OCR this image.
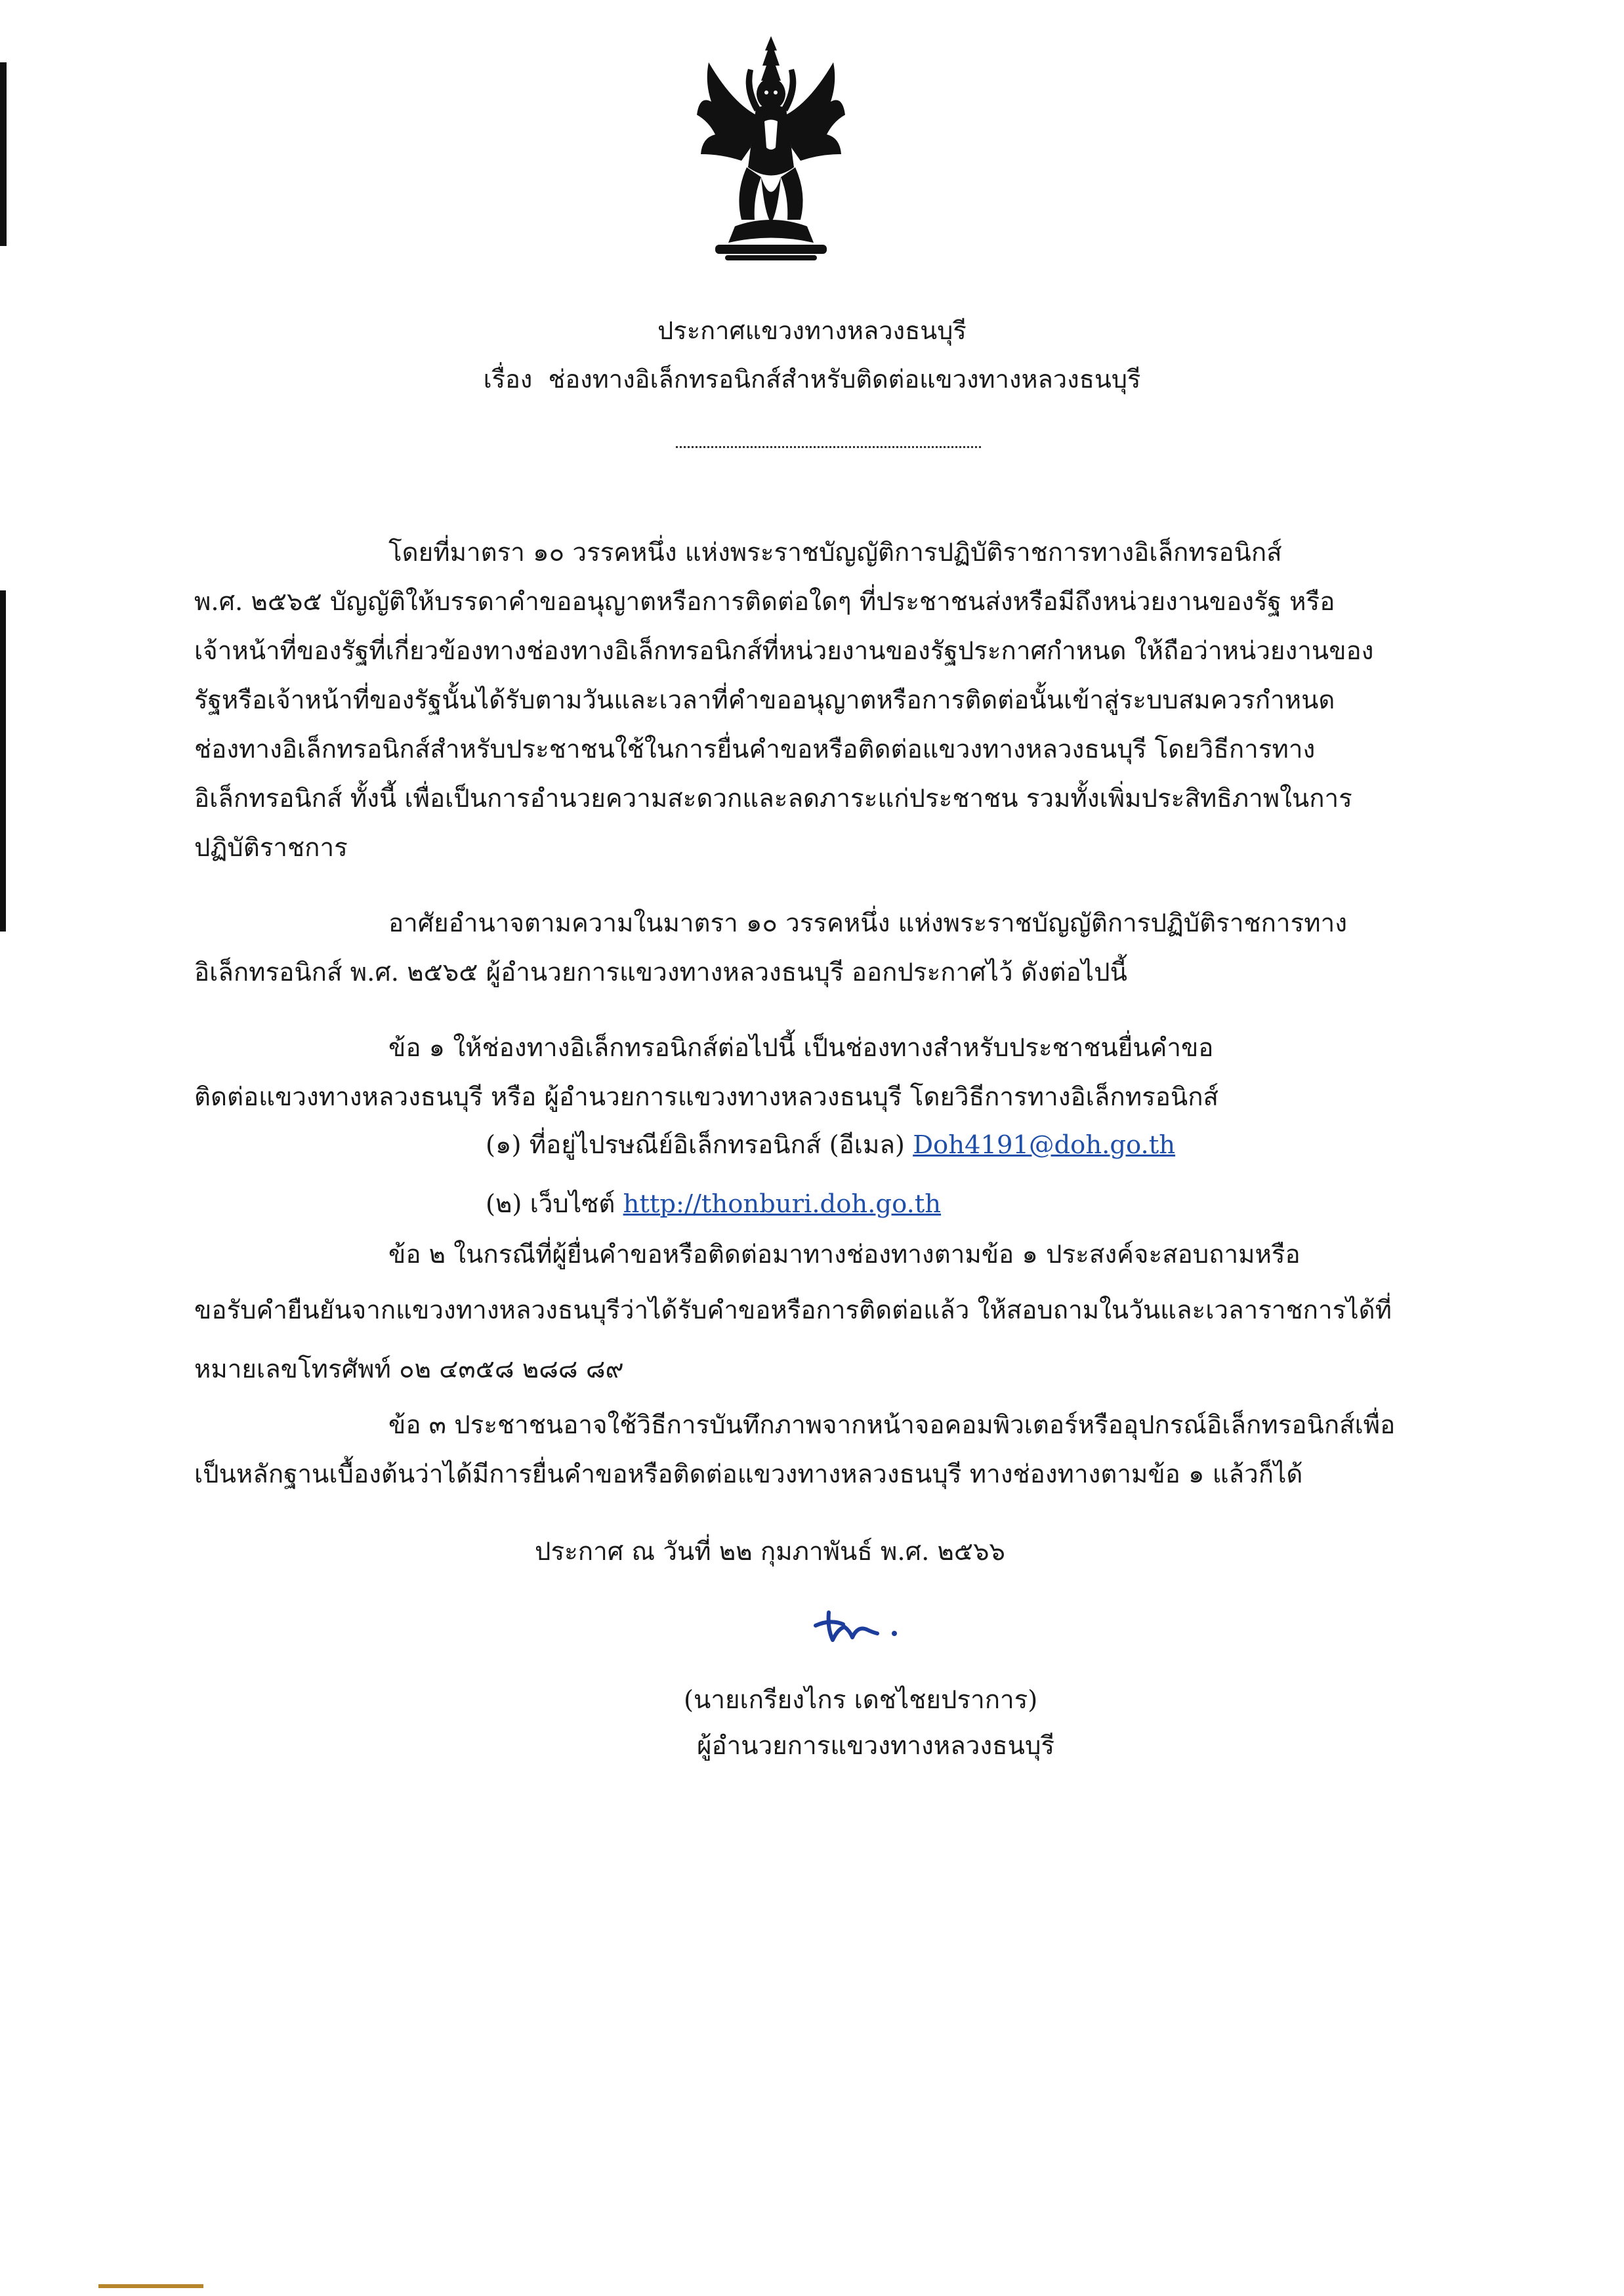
ประกาศแขวงทางหลวงธนบุรี
เรื่อง ช่องทางอิเล็กทรอนิกส์สำหรับติดต่อแขวงทางหลวงธนบุรี
โดยที่มาตรา ๑๐ วรรคหนึ่ง แห่งพระราชบัญญัติการปฏิบัติราชการทางอิเล็กทรอนิกส์
พ.ศ. ๒๕๖๕ บัญญัติให้บรรดาคำขออนุญาตหรือการติดต่อใดๆ ที่ประชาชนส่งหรือมีถึงหน่วยงานของรัฐ หรือ
เจ้าหน้าที่ของรัฐที่เกี่ยวข้องทางช่องทางอิเล็กทรอนิกส์ที่หน่วยงานของรัฐประกาศกำหนด ให้ถือว่าหน่วยงานของ
รัฐหรือเจ้าหน้าที่ของรัฐนั้นได้รับตามวันและเวลาที่คำขออนุญาตหรือการติดต่อนั้นเข้าสู่ระบบสมควรกำหนด
ช่องทางอิเล็กทรอนิกส์สำหรับประชาชนใช้ในการยื่นคำขอหรือติดต่อแขวงทางหลวงธนบุรี โดยวิธีการทาง
อิเล็กทรอนิกส์ ทั้งนี้ เพื่อเป็นการอำนวยความสะดวกและลดภาระแก่ประชาชน รวมทั้งเพิ่มประสิทธิภาพในการ
ปฏิบัติราชการ
อาศัยอำนาจตามความในมาตรา ๑๐ วรรคหนึ่ง แห่งพระราชบัญญัติการปฏิบัติราชการทาง
อิเล็กทรอนิกส์ พ.ศ. ๒๕๖๕ ผู้อำนวยการแขวงทางหลวงธนบุรี ออกประกาศไว้ ดังต่อไปนี้
ข้อ ๑ ให้ช่องทางอิเล็กทรอนิกส์ต่อไปนี้ เป็นช่องทางสำหรับประชาชนยื่นคำขอ
ติดต่อแขวงทางหลวงธนบุรี หรือ ผู้อำนวยการแขวงทางหลวงธนบุรี โดยวิธีการทางอิเล็กทรอนิกส์
(๑) ที่อยู่ไปรษณีย์อิเล็กทรอนิกส์ (อีเมล) Doh4191@doh.go.th
(๒) เว็บไซต์ http://thonburi.doh.go.th
ข้อ ๒ ในกรณีที่ผู้ยื่นคำขอหรือติดต่อมาทางช่องทางตามข้อ ๑ ประสงค์จะสอบถามหรือ
ขอรับคำยืนยันจากแขวงทางหลวงธนบุรีว่าได้รับคำขอหรือการติดต่อแล้ว ให้สอบถามในวันและเวลาราชการได้ที่
หมายเลขโทรศัพท์ ๐๒ ๔๓๕๘ ๒๘๘ ๘๙
ข้อ ๓ ประชาชนอาจใช้วิธีการบันทึกภาพจากหน้าจอคอมพิวเตอร์หรืออุปกรณ์อิเล็กทรอนิกส์เพื่อ
เป็นหลักฐานเบื้องต้นว่าได้มีการยื่นคำขอหรือติดต่อแขวงทางหลวงธนบุรี ทางช่องทางตามข้อ ๑ แล้วก็ได้
ประกาศ ณ วันที่ ๒๒ กุมภาพันธ์ พ.ศ. ๒๕๖๖
(นายเกรียงไกร เดชไชยปราการ)
ผู้อำนวยการแขวงทางหลวงธนบุรี
